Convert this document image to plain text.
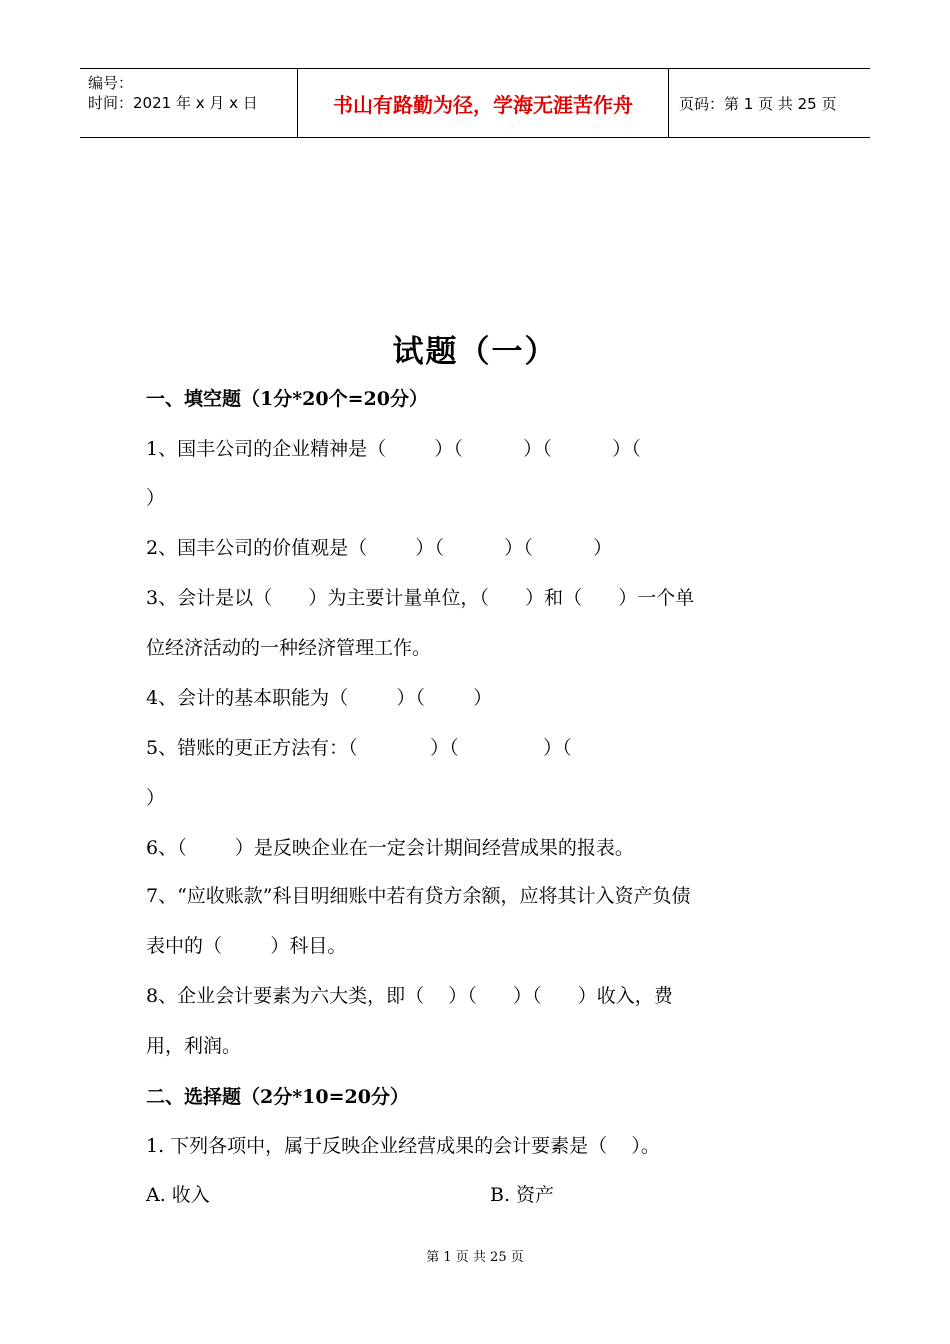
编号：
时间：2021 年 x 月 x 日	书山有路勤为径，学海无涯苦作舟	页码：第 1 页 共 25 页
试题（一）
一、填空题（1分*20个=20分）
1、国丰公司的企业精神是（        ）（          ）（          ）（
）
2、国丰公司的价值观是（        ）（          ）（          ）
3、会计是以（      ）为主要计量单位，（      ）和（      ）一个单
位经济活动的一种经济管理工作。
4、会计的基本职能为（        ）（        ）
5、错账的更正方法有：（            ）（              ）（
）
6、（        ）是反映企业在一定会计期间经营成果的报表。
7、“应收账款”科目明细账中若有贷方余额，应将其计入资产负债
表中的（        ）科目。
8、企业会计要素为六大类，即（    ）（      ）（      ）收入，费
用，利润。
二、选择题（2分*10=20分）
1. 下列各项中，属于反映企业经营成果的会计要素是（    ）。
A. 收入	B. 资产
第 1 页 共 25 页
